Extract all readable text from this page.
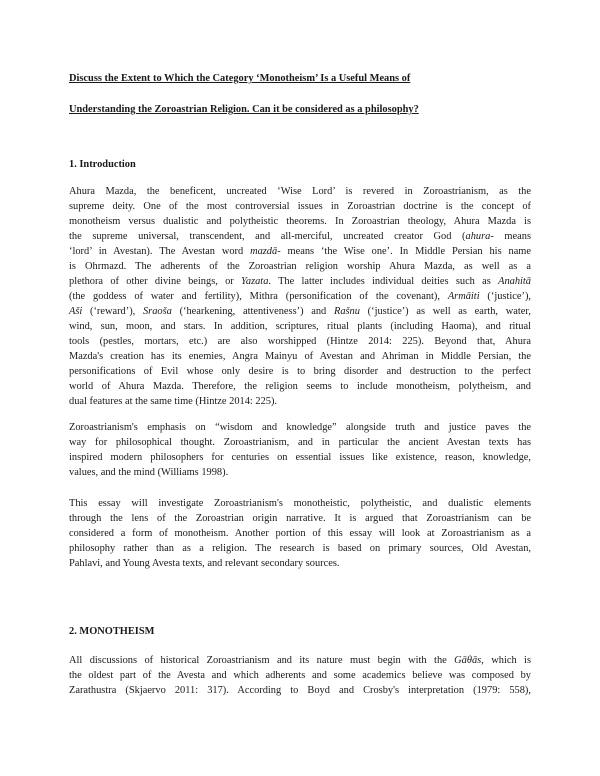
Discuss the Extent to Which the Category ‘Monotheism’ Is a Useful Means of
Understanding the Zoroastrian Religion. Can it be considered as a philosophy?
1. Introduction
Ahura Mazda, the beneficent, uncreated ‘Wise Lord’ is revered in Zoroastrianism, as the
supreme deity. One of the most controversial issues in Zoroastrian doctrine is the concept of
monotheism versus dualistic and polytheistic theorems. In Zoroastrian theology, Ahura Mazda is
the supreme universal, transcendent, and all-merciful, uncreated creator God (ahura- means
‘lord’ in Avestan). The Avestan word mazdā- means ‘the Wise one’. In Middle Persian his name
is Ohrmazd. The adherents of the Zoroastrian religion worship Ahura Mazda, as well as a
plethora of other divine beings, or Yazata. The latter includes individual deities such as Anahitā
(the goddess of water and fertility), Mithra (personification of the covenant), Armāiti (‘justice’),
Aši (‘reward’), Sraoša (‘hearkening, attentiveness’) and Rašnu (‘justice’) as well as earth, water,
wind, sun, moon, and stars. In addition, scriptures, ritual plants (including Haoma), and ritual
tools (pestles, mortars, etc.) are also worshipped (Hintze 2014: 225). Beyond that, Ahura
Mazda's creation has its enemies, Angra Mainyu of Avestan and Ahriman in Middle Persian, the
personifications of Evil whose only desire is to bring disorder and destruction to the perfect
world of Ahura Mazda. Therefore, the religion seems to include monotheism, polytheism, and
dual features at the same time (Hintze 2014: 225).
Zoroastrianism's emphasis on “wisdom and knowledge” alongside truth and justice paves the
way for philosophical thought. Zoroastrianism, and in particular the ancient Avestan texts has
inspired modern philosophers for centuries on essential issues like existence, reason, knowledge,
values, and the mind (Williams 1998).
This essay will investigate Zoroastrianism's monotheistic, polytheistic, and dualistic elements
through the lens of the Zoroastrian origin narrative. It is argued that Zoroastrianism can be
considered a form of monotheism. Another portion of this essay will look at Zoroastrianism as a
philosophy rather than as a religion. The research is based on primary sources, Old Avestan,
Pahlavi, and Young Avesta texts, and relevant secondary sources.
2. MONOTHEISM
All discussions of historical Zoroastrianism and its nature must begin with the Gāθās, which is
the oldest part of the Avesta and which adherents and some academics believe was composed by
Zarathustra (Skjaervo 2011: 317). According to Boyd and Crosby's interpretation (1979: 558),
